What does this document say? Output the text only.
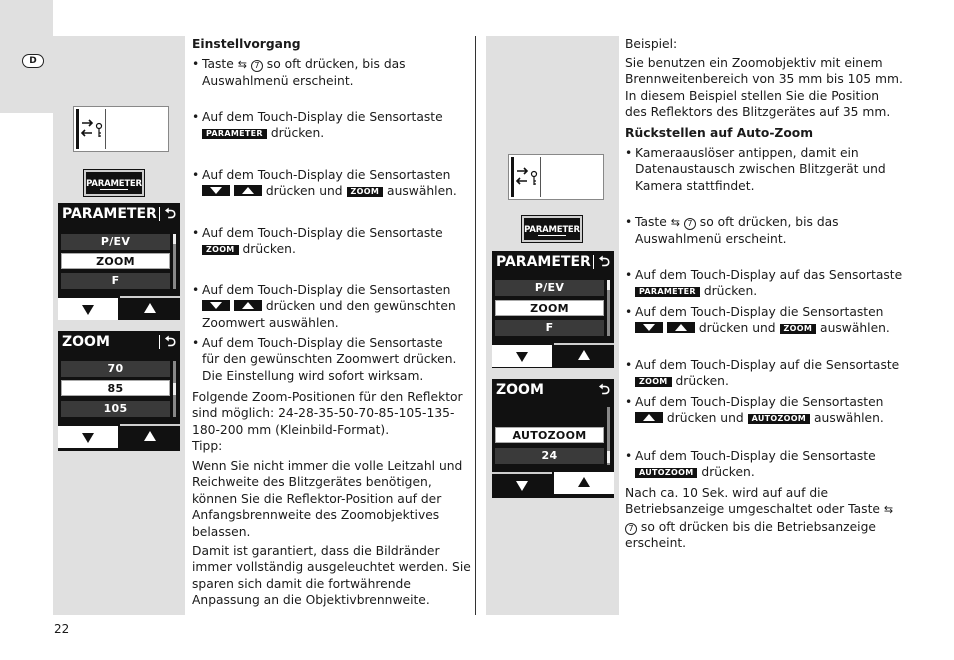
D
PARAMETER
PARAMETER ⮌
P/EV
ZOOM
F
ZOOM	⮌
70
85
105
PARAMETER
PARAMETER ⮌
P/EV
ZOOM
F
ZOOM	⮌
AUTOZOOM
24
Einstellvorgang
• Taste ⇆ 7 so oft drücken, bis das
Auswahlmenü erscheint.
• Auf dem Touch-Display die Sensortaste
PARAMETER drücken.
• Auf dem Touch-Display die Sensortasten

drücken und ZOOM auswählen.
• Auf dem Touch-Display die Sensortaste
ZOOM drücken.
• Auf dem Touch-Display die Sensortasten

drücken und den gewünschten
Zoomwert auswählen.
• Auf dem Touch-Display die Sensortaste
für den gewünschten Zoomwert drücken.
Die Einstellung wird sofort wirksam.
Folgende Zoom-Positionen für den Reflektor
sind möglich: 24-28-35-50-70-85-105-135-
180-200 mm (Kleinbild-Format).
Tipp:
Wenn Sie nicht immer die volle Leitzahl und
Reichweite des Blitzgerätes benötigen,
können Sie die Reflektor-Position auf der
Anfangsbrennweite des Zoomobjektives
belassen.
Damit ist garantiert, dass die Bildränder
immer vollständig ausgeleuchtet werden. Sie
sparen sich damit die fortwährende
Anpassung an die Objektivbrennweite.
Beispiel:
Sie benutzen ein Zoomobjektiv mit einem
Brennweitenbereich von 35 mm bis 105 mm.
In diesem Beispiel stellen Sie die Position
des Reflektors des Blitzgerätes auf 35 mm.
Rückstellen auf Auto-Zoom
• Kameraauslöser antippen, damit ein
Datenaustausch zwischen Blitzgerät und
Kamera stattfindet.
• Taste ⇆ 7 so oft drücken, bis das
Auswahlmenü erscheint.
• Auf dem Touch-Display auf das Sensortaste
PARAMETER drücken.
• Auf dem Touch-Display die Sensortasten

drücken und ZOOM auswählen.
• Auf dem Touch-Display auf die Sensortaste
ZOOM drücken.
• Auf dem Touch-Display die Sensortasten

drücken und AUTOZOOM auswählen.
• Auf dem Touch-Display die Sensortaste
AUTOZOOM drücken.
Nach ca. 10 Sek. wird auf auf die
Betriebsanzeige umgeschaltet oder Taste ⇆
7 so oft drücken bis die Betriebsanzeige
erscheint.
22
